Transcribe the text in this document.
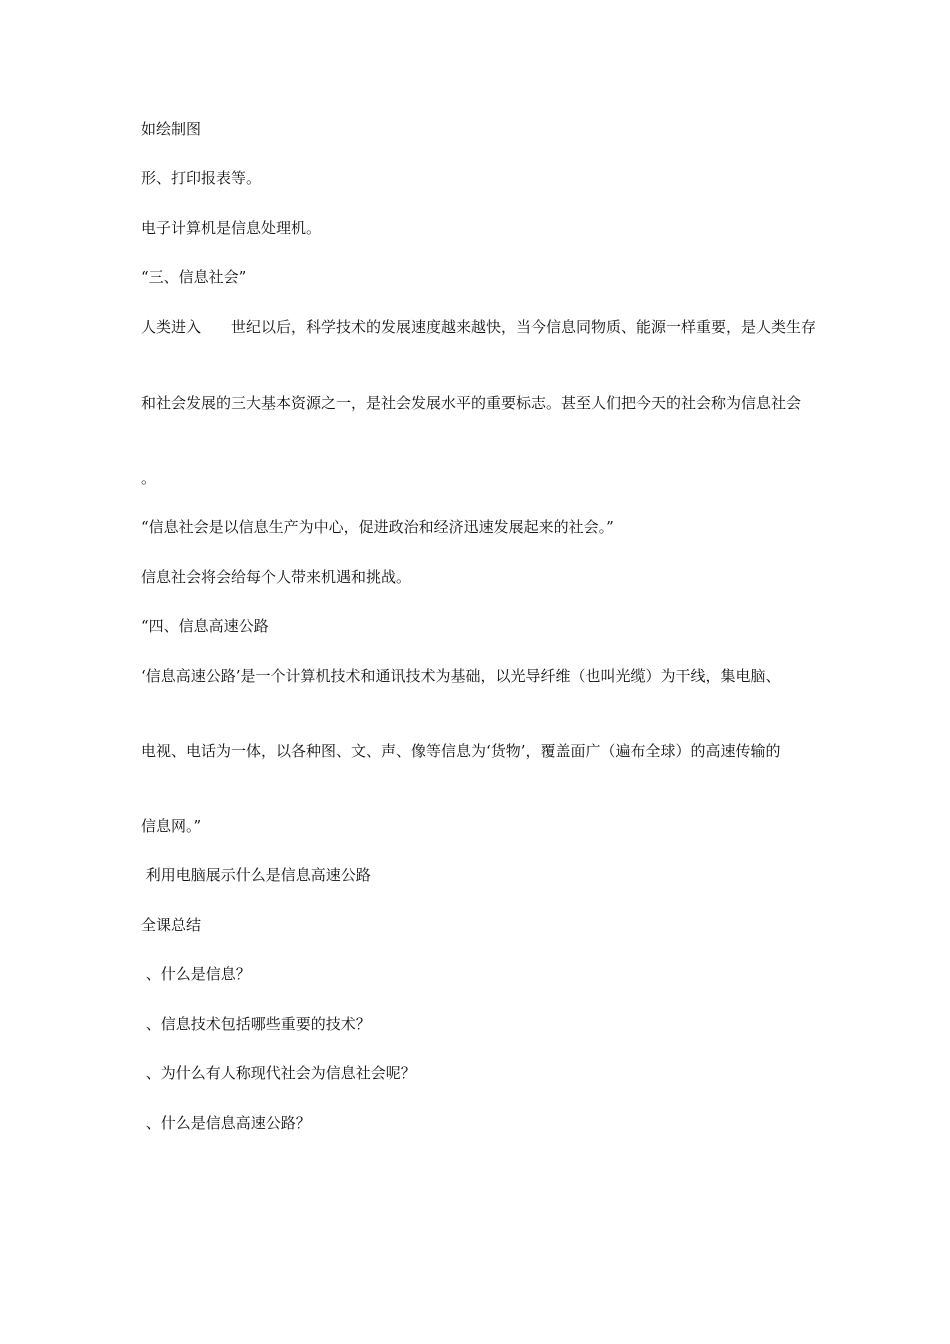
如绘制图
形、打印报表等。
电子计算机是信息处理机。
“三、信息社会”
人类进入　　世纪以后，科学技术的发展速度越来越快，当今信息同物质、能源一样重要，是人类生存
和社会发展的三大基本资源之一，是社会发展水平的重要标志。甚至人们把今天的社会称为信息社会
。
“信息社会是以信息生产为中心，促进政治和经济迅速发展起来的社会。”
信息社会将会给每个人带来机遇和挑战。
“四、信息高速公路
‘信息高速公路’是一个计算机技术和通讯技术为基础，以光导纤维（也叫光缆）为干线，集电脑、
电视、电话为一体，以各种图、文、声、像等信息为‘货物’，覆盖面广（遍布全球）的高速传输的
信息网。”
利用电脑展示什么是信息高速公路
全课总结
、什么是信息？
、信息技术包括哪些重要的技术？
、为什么有人称现代社会为信息社会呢？
、什么是信息高速公路？
